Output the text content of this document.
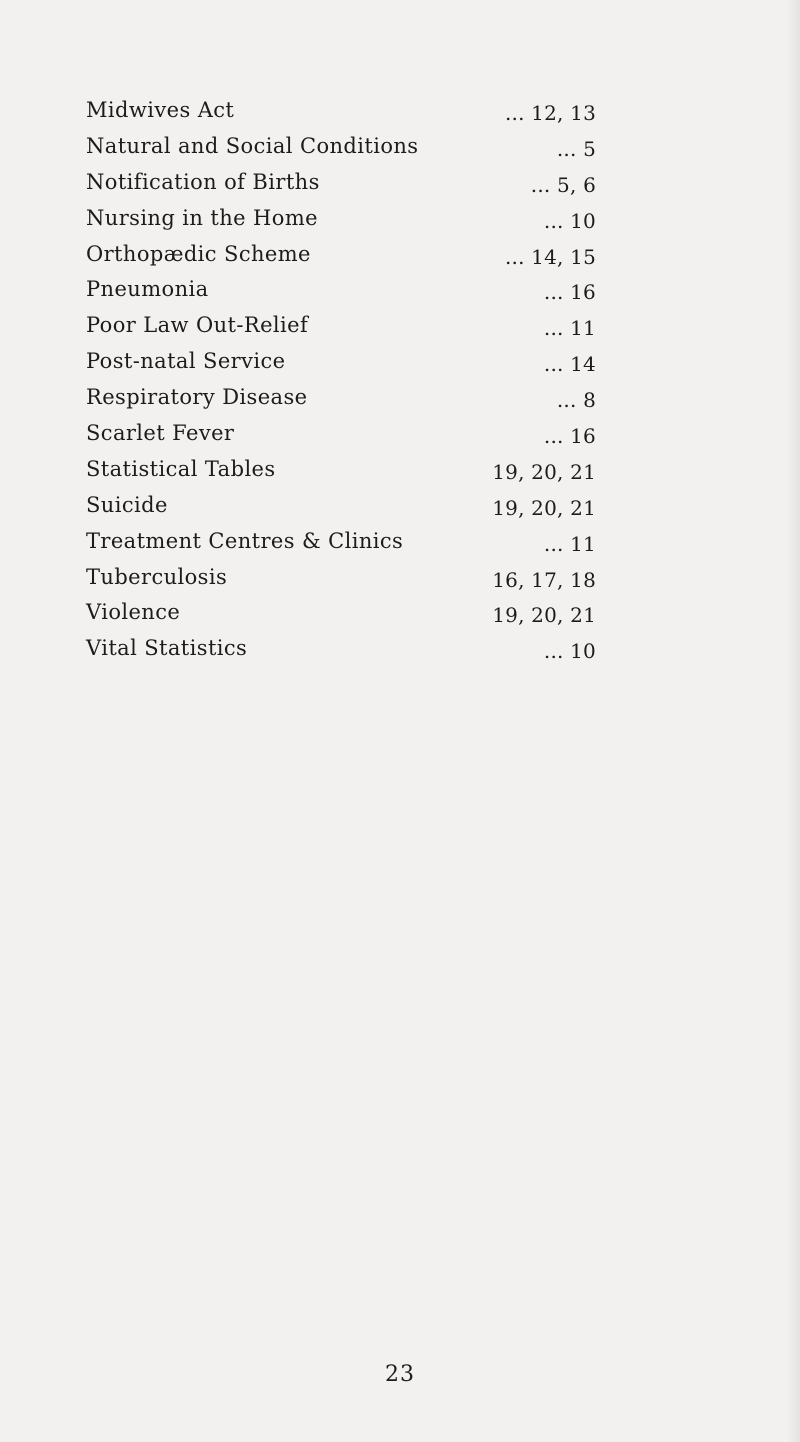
Midwives Act	... 12, 13
Natural and Social Conditions	... 5
Notification of Births	... 5, 6
Nursing in the Home	... 10
Orthopædic Scheme	... 14, 15
Pneumonia	... 16
Poor Law Out-Relief	... 11
Post-natal Service	... 14
Respiratory Disease	... 8
Scarlet Fever	... 16
Statistical Tables	19, 20, 21
Suicide	19, 20, 21
Treatment Centres & Clinics	... 11
Tuberculosis	16, 17, 18
Violence	19, 20, 21
Vital Statistics	... 10
23
